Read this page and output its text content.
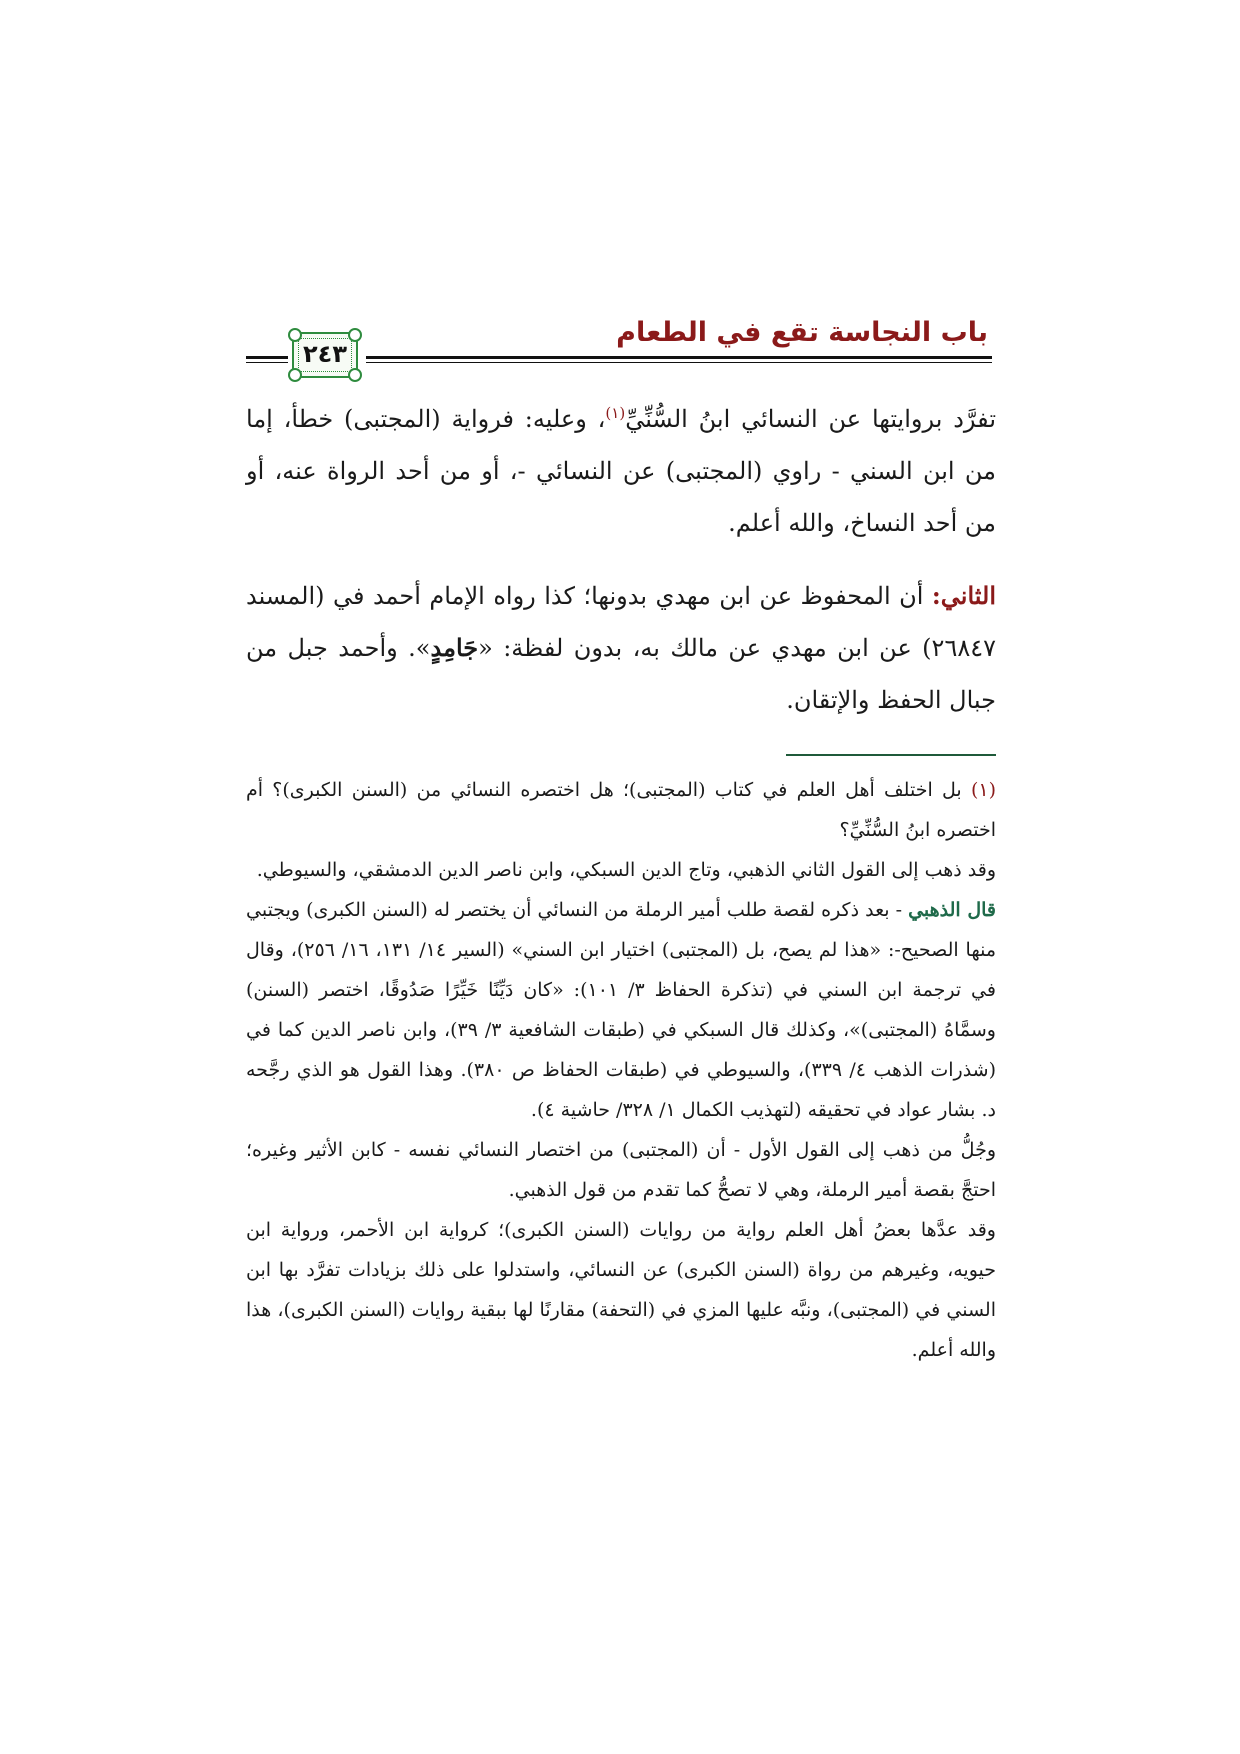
باب النجاسة تقع في الطعام
٢٤٣
تفرَّد بروايتها عن النسائي ابنُ السُّنِّيِّ$^{(١)}$، وعليه: فرواية (المجتبى) خطأ، إما من ابن السني - راوي (المجتبى) عن النسائي -، أو من أحد الرواة عنه، أو من أحد النساخ، والله أعلم.
الثاني: أن المحفوظ عن ابن مهدي بدونها؛ كذا رواه الإمام أحمد في (المسند ٢٦٨٤٧) عن ابن مهدي عن مالك به، بدون لفظة: «جَامِدٍ». وأحمد جبل من جبال الحفظ والإتقان.

(١) بل اختلف أهل العلم في كتاب (المجتبى)؛ هل اختصره النسائي من (السنن الكبرى)؟ أم اختصره ابنُ السُّنِّيِّ؟

وقد ذهب إلى القول الثاني الذهبي، وتاج الدين السبكي، وابن ناصر الدين الدمشقي، والسيوطي.

قال الذهبي - بعد ذكره لقصة طلب أمير الرملة من النسائي أن يختصر له (السنن الكبرى) ويجتبي منها الصحيح-: «هذا لم يصح، بل (المجتبى) اختيار ابن السني» (السير ١٤/ ١٣١، ١٦/ ٢٥٦)، وقال في ترجمة ابن السني في (تذكرة الحفاظ ٣/ ١٠١): «كان دَيِّنًا خَيِّرًا صَدُوقًا، اختصر (السنن) وسمَّاهُ (المجتبى)»، وكذلك قال السبكي في (طبقات الشافعية ٣/ ٣٩)، وابن ناصر الدين كما في (شذرات الذهب ٤/ ٣٣٩)، والسيوطي في (طبقات الحفاظ ص ٣٨٠). وهذا القول هو الذي رجَّحه د. بشار عواد في تحقيقه (لتهذيب الكمال ١/ ٣٢٨/ حاشية ٤).

وجُلُّ من ذهب إلى القول الأول - أن (المجتبى) من اختصار النسائي نفسه - كابن الأثير وغيره؛ احتجَّ بقصة أمير الرملة، وهي لا تصحُّ كما تقدم من قول الذهبي.

وقد عدَّها بعضُ أهل العلم رواية من روايات (السنن الكبرى)؛ كرواية ابن الأحمر، ورواية ابن حيويه، وغيرهم من رواة (السنن الكبرى) عن النسائي، واستدلوا على ذلك بزيادات تفرَّد بها ابن السني في (المجتبى)، ونبَّه عليها المزي في (التحفة) مقارنًا لها ببقية روايات (السنن الكبرى)، هذا والله أعلم.
